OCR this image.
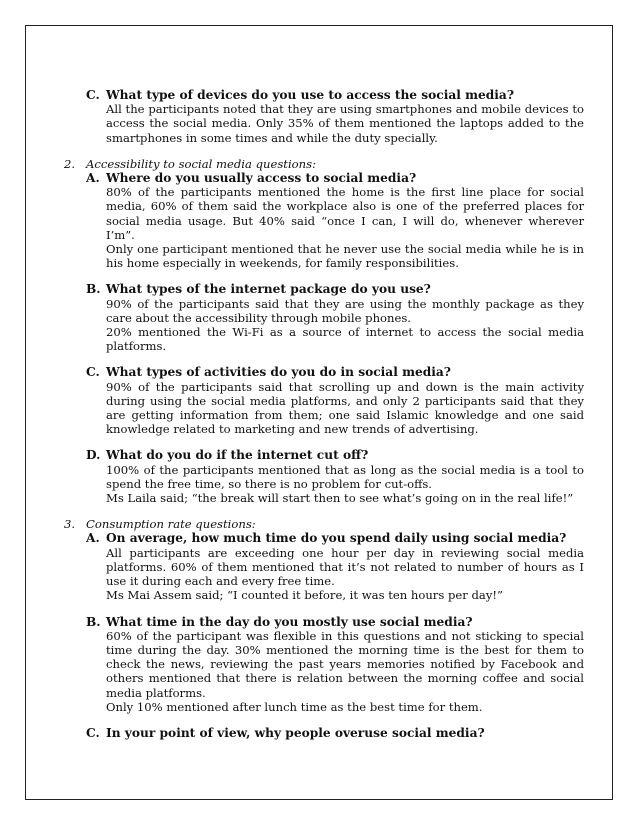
C. What type of devices do you use to access the social media?

All the participants noted that they are using smartphones and mobile devices to access the social media. Only 35% of them mentioned the laptops added to the smartphones in some times and while the duty specially.

2. Accessibility to social media questions:
A. Where do you usually access to social media?

80% of the participants mentioned the home is the first line place for social media, 60% of them said the workplace also is one of the preferred places for social media usage. But 40% said “once I can, I will do, whenever wherever I’m”.

Only one participant mentioned that he never use the social media while he is in his home especially in weekends, for family responsibilities.

B. What types of the internet package do you use?

90% of the participants said that they are using the monthly package as they care about the accessibility through mobile phones.

20% mentioned the Wi-Fi as a source of internet to access the social media platforms.

C. What types of activities do you do in social media?

90% of the participants said that scrolling up and down is the main activity during using the social media platforms, and only 2 participants said that they are getting information from them; one said Islamic knowledge and one said knowledge related to marketing and new trends of advertising.

D. What do you do if the internet cut off?

100% of the participants mentioned that as long as the social media is a tool to spend the free time, so there is no problem for cut-offs.

Ms Laila said; “the break will start then to see what’s going on in the real life!”

3. Consumption rate questions:
A. On average, how much time do you spend daily using social media?

All participants are exceeding one hour per day in reviewing social media platforms. 60% of them mentioned that it’s not related to number of hours as I use it during each and every free time.

Ms Mai Assem said; “I counted it before, it was ten hours per day!”

B. What time in the day do you mostly use social media?

60% of the participant was flexible in this questions and not sticking to special time during the day. 30% mentioned the morning time is the best for them to check the news, reviewing the past years memories notified by Facebook and others mentioned that there is relation between the morning coffee and social media platforms.

Only 10% mentioned after lunch time as the best time for them.

C. In your point of view, why people overuse social media?
